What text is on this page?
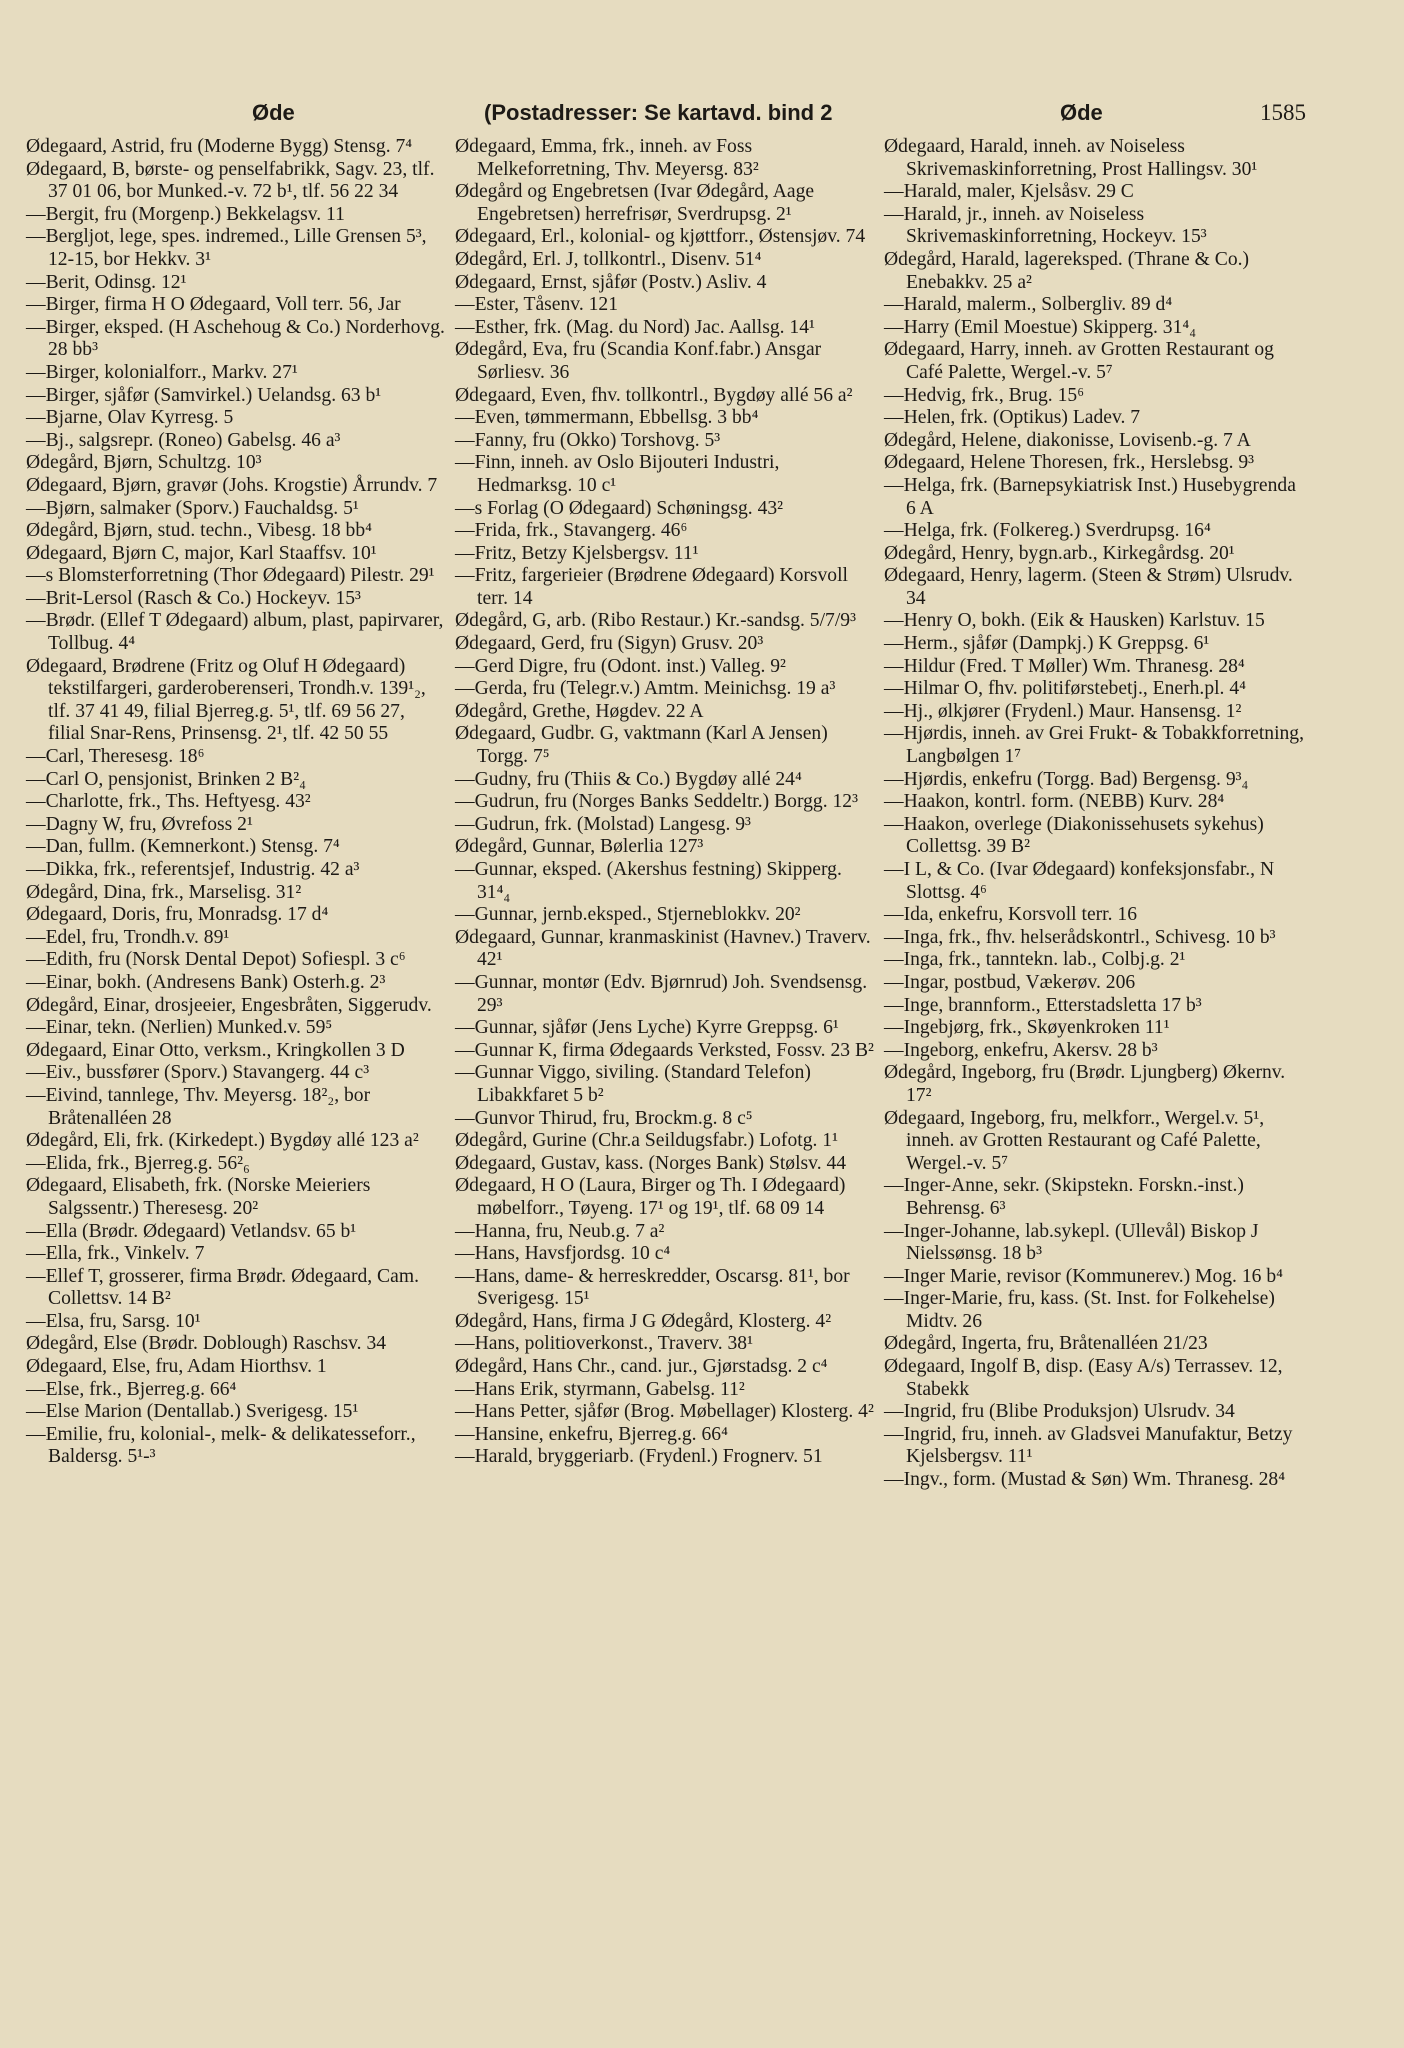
Øde	(Postadresser: Se kartavd. bind 2	Øde	1585

Ødegaard, Astrid, fru (Moderne Bygg) Stensg. 7⁴

Ødegaard, B, børste- og penselfabrikk, Sagv. 23, tlf. 37 01 06, bor Munked.-v. 72 b¹, tlf. 56 22 34

—Bergit, fru (Morgenp.) Bekkelagsv. 11

—Bergljot, lege, spes. indremed., Lille Grensen 5³, 12-15, bor Hekkv. 3¹

—Berit, Odinsg. 12¹

—Birger, firma H O Ødegaard, Voll terr. 56, Jar

—Birger, eksped. (H Aschehoug & Co.) Norderhovg. 28 bb³

—Birger, kolonialforr., Markv. 27¹

—Birger, sjåfør (Samvirkel.) Uelandsg. 63 b¹

—Bjarne, Olav Kyrresg. 5

—Bj., salgsrepr. (Roneo) Gabelsg. 46 a³

Ødegård, Bjørn, Schultzg. 10³

Ødegaard, Bjørn, gravør (Johs. Krogstie) Årrundv. 7

—Bjørn, salmaker (Sporv.) Fauchaldsg. 5¹

Ødegård, Bjørn, stud. techn., Vibesg. 18 bb⁴

Ødegaard, Bjørn C, major, Karl Staaffsv. 10¹

—s Blomsterforretning (Thor Ødegaard) Pilestr. 29¹

—Brit-Lersol (Rasch & Co.) Hockeyv. 15³

—Brødr. (Ellef T Ødegaard) album, plast, papirvarer, Tollbug. 4⁴

Ødegaard, Brødrene (Fritz og Oluf H Ødegaard) tekstilfargeri, garderoberenseri, Trondh.v. 139¹₂, tlf. 37 41 49, filial Bjerreg.g. 5¹, tlf. 69 56 27, filial Snar-Rens, Prinsensg. 2¹, tlf. 42 50 55

—Carl, Theresesg. 18⁶

—Carl O, pensjonist, Brinken 2 B²₄

—Charlotte, frk., Ths. Heftyesg. 43²

—Dagny W, fru, Øvrefoss 2¹

—Dan, fullm. (Kemnerkont.) Stensg. 7⁴

—Dikka, frk., referentsjef, Industrig. 42 a³

Ødegård, Dina, frk., Marselisg. 31²

Ødegaard, Doris, fru, Monradsg. 17 d⁴

—Edel, fru, Trondh.v. 89¹

—Edith, fru (Norsk Dental Depot) Sofiespl. 3 c⁶

—Einar, bokh. (Andresens Bank) Osterh.g. 2³

Ødegård, Einar, drosjeeier, Engesbråten, Siggerudv.

—Einar, tekn. (Nerlien) Munked.v. 59⁵

Ødegaard, Einar Otto, verksm., Kringkollen 3 D

—Eiv., bussfører (Sporv.) Stavangerg. 44 c³

—Eivind, tannlege, Thv. Meyersg. 18²₂, bor Bråtenalléen 28

Ødegård, Eli, frk. (Kirkedept.) Bygdøy allé 123 a²

—Elida, frk., Bjerreg.g. 56²₆

Ødegaard, Elisabeth, frk. (Norske Meieriers Salgssentr.) Theresesg. 20²

—Ella (Brødr. Ødegaard) Vetlandsv. 65 b¹

—Ella, frk., Vinkelv. 7

—Ellef T, grosserer, firma Brødr. Ødegaard, Cam. Collettsv. 14 B²

—Elsa, fru, Sarsg. 10¹

Ødegård, Else (Brødr. Doblough) Raschsv. 34

Ødegaard, Else, fru, Adam Hiorthsv. 1

—Else, frk., Bjerreg.g. 66⁴

—Else Marion (Dentallab.) Sverigesg. 15¹

—Emilie, fru, kolonial-, melk- & delikatesseforr., Baldersg. 5¹-³

Ødegaard, Emma, frk., inneh. av Foss Melkeforretning, Thv. Meyersg. 83²

Ødegård og Engebretsen (Ivar Ødegård, Aage Engebretsen) herrefrisør, Sverdrupsg. 2¹

Ødegaard, Erl., kolonial- og kjøttforr., Østensjøv. 74

Ødegård, Erl. J, tollkontrl., Disenv. 51⁴

Ødegaard, Ernst, sjåfør (Postv.) Asliv. 4

—Ester, Tåsenv. 121

—Esther, frk. (Mag. du Nord) Jac. Aallsg. 14¹

Ødegård, Eva, fru (Scandia Konf.fabr.) Ansgar Sørliesv. 36

Ødegaard, Even, fhv. tollkontrl., Bygdøy allé 56 a²

—Even, tømmermann, Ebbellsg. 3 bb⁴

—Fanny, fru (Okko) Torshovg. 5³

—Finn, inneh. av Oslo Bijouteri Industri, Hedmarksg. 10 c¹

—s Forlag (O Ødegaard) Schøningsg. 43²

—Frida, frk., Stavangerg. 46⁶

—Fritz, Betzy Kjelsbergsv. 11¹

—Fritz, fargerieier (Brødrene Ødegaard) Korsvoll terr. 14

Ødegård, G, arb. (Ribo Restaur.) Kr.-sandsg. 5/7/9³

Ødegaard, Gerd, fru (Sigyn) Grusv. 20³

—Gerd Digre, fru (Odont. inst.) Valleg. 9²

—Gerda, fru (Telegr.v.) Amtm. Meinichsg. 19 a³

Ødegård, Grethe, Høgdev. 22 A

Ødegaard, Gudbr. G, vaktmann (Karl A Jensen) Torgg. 7⁵

—Gudny, fru (Thiis & Co.) Bygdøy allé 24⁴

—Gudrun, fru (Norges Banks Seddeltr.) Borgg. 12³

—Gudrun, frk. (Molstad) Langesg. 9³

Ødegård, Gunnar, Bølerlia 127³

—Gunnar, eksped. (Akershus festning) Skipperg. 31⁴₄

—Gunnar, jernb.eksped., Stjerneblokkv. 20²

Ødegaard, Gunnar, kranmaskinist (Havnev.) Traverv. 42¹

—Gunnar, montør (Edv. Bjørnrud) Joh. Svendsensg. 29³

—Gunnar, sjåfør (Jens Lyche) Kyrre Greppsg. 6¹

—Gunnar K, firma Ødegaards Verksted, Fossv. 23 B²

—Gunnar Viggo, siviling. (Standard Telefon) Libakkfaret 5 b²

—Gunvor Thirud, fru, Brockm.g. 8 c⁵

Ødegård, Gurine (Chr.a Seildugsfabr.) Lofotg. 1¹

Ødegaard, Gustav, kass. (Norges Bank) Stølsv. 44

Ødegaard, H O (Laura, Birger og Th. I Ødegaard) møbelforr., Tøyeng. 17¹ og 19¹, tlf. 68 09 14

—Hanna, fru, Neub.g. 7 a²

—Hans, Havsfjordsg. 10 c⁴

—Hans, dame- & herreskredder, Oscarsg. 81¹, bor Sverigesg. 15¹

Ødegård, Hans, firma J G Ødegård, Klosterg. 4²

—Hans, politioverkonst., Traverv. 38¹

Ødegård, Hans Chr., cand. jur., Gjørstadsg. 2 c⁴

—Hans Erik, styrmann, Gabelsg. 11²

—Hans Petter, sjåfør (Brog. Møbellager) Klosterg. 4²

—Hansine, enkefru, Bjerreg.g. 66⁴

—Harald, bryggeriarb. (Frydenl.) Frognerv. 51

Ødegaard, Harald, inneh. av Noiseless Skrivemaskinforretning, Prost Hallingsv. 30¹

—Harald, maler, Kjelsåsv. 29 C

—Harald, jr., inneh. av Noiseless Skrivemaskinforretning, Hockeyv. 15³

Ødegård, Harald, lagereksped. (Thrane & Co.) Enebakkv. 25 a²

—Harald, malerm., Solbergliv. 89 d⁴

—Harry (Emil Moestue) Skipperg. 31⁴₄

Ødegaard, Harry, inneh. av Grotten Restaurant og Café Palette, Wergel.-v. 5⁷

—Hedvig, frk., Brug. 15⁶

—Helen, frk. (Optikus) Ladev. 7

Ødegård, Helene, diakonisse, Lovisenb.-g. 7 A

Ødegaard, Helene Thoresen, frk., Herslebsg. 9³

—Helga, frk. (Barnepsykiatrisk Inst.) Husebygrenda 6 A

—Helga, frk. (Folkereg.) Sverdrupsg. 16⁴

Ødegård, Henry, bygn.arb., Kirkegårdsg. 20¹

Ødegaard, Henry, lagerm. (Steen & Strøm) Ulsrudv. 34

—Henry O, bokh. (Eik & Hausken) Karlstuv. 15

—Herm., sjåfør (Dampkj.) K Greppsg. 6¹

—Hildur (Fred. T Møller) Wm. Thranesg. 28⁴

—Hilmar O, fhv. politiførstebetj., Enerh.pl. 4⁴

—Hj., ølkjører (Frydenl.) Maur. Hansensg. 1²

—Hjørdis, inneh. av Grei Frukt- & Tobakkforretning, Langbølgen 1⁷

—Hjørdis, enkefru (Torgg. Bad) Bergensg. 9³₄

—Haakon, kontrl. form. (NEBB) Kurv. 28⁴

—Haakon, overlege (Diakonissehusets sykehus) Collettsg. 39 B²

—I L, & Co. (Ivar Ødegaard) konfeksjonsfabr., N Slottsg. 4⁶

—Ida, enkefru, Korsvoll terr. 16

—Inga, frk., fhv. helserådskontrl., Schivesg. 10 b³

—Inga, frk., tanntekn. lab., Colbj.g. 2¹

—Ingar, postbud, Vækerøv. 206

—Inge, brannform., Etterstadsletta 17 b³

—Ingebjørg, frk., Skøyenkroken 11¹

—Ingeborg, enkefru, Akersv. 28 b³

Ødegård, Ingeborg, fru (Brødr. Ljungberg) Økernv. 17²

Ødegaard, Ingeborg, fru, melkforr., Wergel.v. 5¹, inneh. av Grotten Restaurant og Café Palette, Wergel.-v. 5⁷

—Inger-Anne, sekr. (Skipstekn. Forskn.-inst.) Behrensg. 6³

—Inger-Johanne, lab.sykepl. (Ullevål) Biskop J Nielssønsg. 18 b³

—Inger Marie, revisor (Kommunerev.) Mog. 16 b⁴

—Inger-Marie, fru, kass. (St. Inst. for Folkehelse) Midtv. 26

Ødegård, Ingerta, fru, Bråtenalléen 21/23

Ødegaard, Ingolf B, disp. (Easy A/s) Terrassev. 12, Stabekk

—Ingrid, fru (Blibe Produksjon) Ulsrudv. 34

—Ingrid, fru, inneh. av Gladsvei Manufaktur, Betzy Kjelsbergsv. 11¹

—Ingv., form. (Mustad & Søn) Wm. Thranesg. 28⁴
